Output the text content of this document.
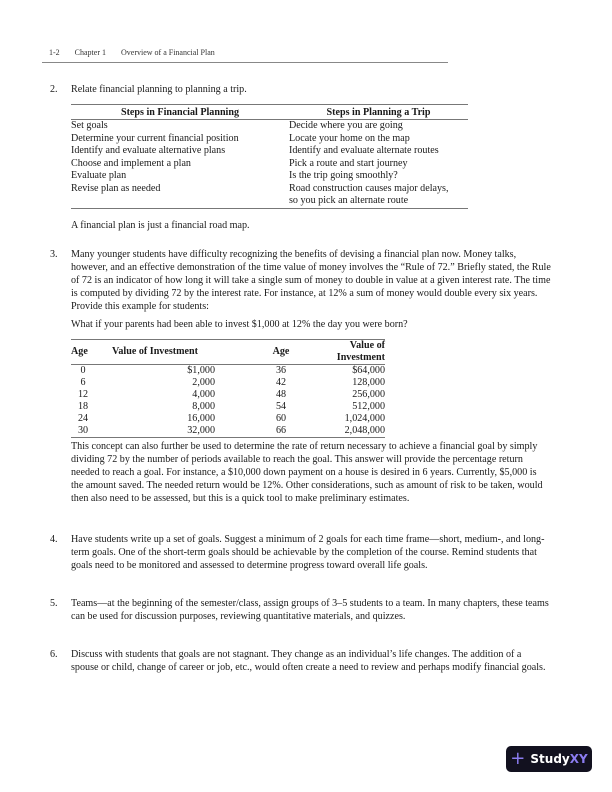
1-2 Chapter 1 Overview of a Financial Plan
2. Relate financial planning to planning a trip.

Steps in Financial Planning	Steps in Planning a Trip
Set goals	Decide where you are going
Determine your current financial position	Locate your home on the map
Identify and evaluate alternative plans	Identify and evaluate alternate routes
Choose and implement a plan	Pick a route and start journey
Evaluate plan	Is the trip going smoothly?
Revise plan as needed	Road construction causes major delays,
	so you pick an alternate route

A financial plan is just a financial road map.

3. Many younger students have difficulty recognizing the benefits of devising a financial plan now. Money talks, however, and an effective demonstration of the time value of money involves the “Rule of 72.” Briefly stated, the Rule of 72 is an indicator of how long it will take a single sum of money to double in value at a given interest rate. The time is computed by dividing 72 by the interest rate. For instance, at 12% a sum of money would double every six years. Provide this example for students:

What if your parents had been able to invest $1,000 at 12% the day you were born?

Age	Value of Investment	Age	Value of Investment
0	$1,000	36	$64,000
6	2,000	42	128,000
12	4,000	48	256,000
18	8,000	54	512,000
24	16,000	60	1,024,000
30	32,000	66	2,048,000

This concept can also further be used to determine the rate of return necessary to achieve a financial goal by simply dividing 72 by the number of periods available to reach the goal. This answer will provide the percentage return needed to reach a goal. For instance, a $10,000 down payment on a house is desired in 6 years. Currently, $5,000 is the amount saved. The needed return would be 12%. Other considerations, such as amount of risk to be taken, would then also need to be assessed, but this is a quick tool to make preliminary estimates.

4. Have students write up a set of goals. Suggest a minimum of 2 goals for each time frame—short, medium-, and long-term goals. One of the short-term goals should be achievable by the completion of the course. Remind students that goals need to be monitored and assessed to determine progress toward overall life goals.

5. Teams—at the beginning of the semester/class, assign groups of 3–5 students to a team. In many chapters, these teams can be used for discussion purposes, reviewing quantitative materials, and quizzes.

6. Discuss with students that goals are not stagnant. They change as an individual’s life changes. The addition of a spouse or child, change of career or job, etc., would often create a need to review and perhaps modify financial goals.

+ Study XY
